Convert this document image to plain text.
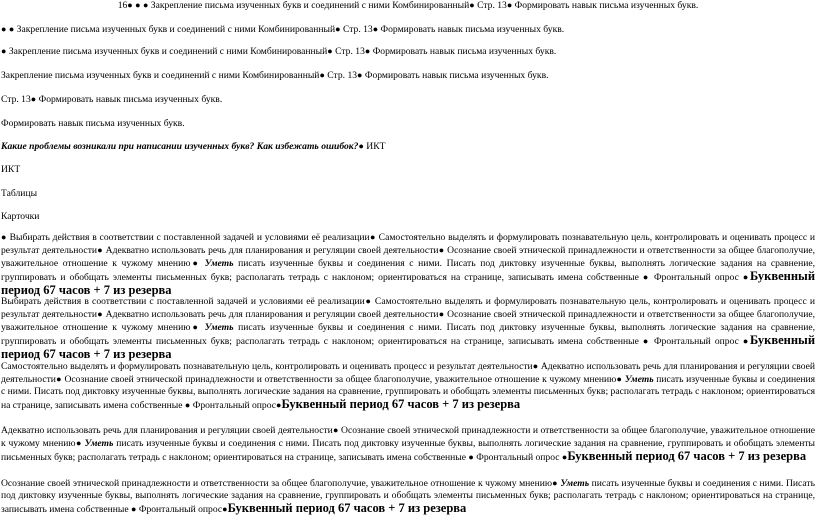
16● ● ● Закрепление письма изученных букв и соединений с ними Комбинированный● Стр. 13● Формировать навык письма изученных букв.
● ● Закрепление письма изученных букв и соединений с ними Комбинированный● Стр. 13● Формировать навык письма изученных букв.
● Закрепление письма изученных букв и соединений с ними Комбинированный● Стр. 13● Формировать навык письма изученных букв.
Закрепление письма изученных букв и соединений с ними Комбинированный● Стр. 13● Формировать навык письма изученных букв.
Стр. 13● Формировать навык письма изученных букв.
Формировать навык письма изученных букв.
Какие проблемы возникали при написании изученных букв? Как избежать ошибок?● ИКТ
ИКТ
Таблицы
Карточки
● Выбирать действия в соответствии с поставленной задачей и условиями её реализации● Самостоятельно выделять и формулировать познавательную цель, контролировать и оценивать процесс и результат деятельности● Адекватно использовать речь для планирования и регуляции своей деятельности● Осознание своей этнической принадлежности и ответственности за общее благополучие, уважительное отношение к чужому мнению● Уметь писать изученные буквы и соединения с ними. Писать под диктовку изученные буквы, выполнять логические задания на сравнение, группировать и обобщать элементы письменных букв; располагать тетрадь с наклоном; ориентироваться на странице, записывать имена собственные ● Фронтальный опрос ●Буквенный период 67 часов + 7 из резерва
Выбирать действия в соответствии с поставленной задачей и условиями её реализации● Самостоятельно выделять и формулировать познавательную цель, контролировать и оценивать процесс и результат деятельности● Адекватно использовать речь для планирования и регуляции своей деятельности● Осознание своей этнической принадлежности и ответственности за общее благополучие, уважительное отношение к чужому мнению● Уметь писать изученные буквы и соединения с ними. Писать под диктовку изученные буквы, выполнять логические задания на сравнение, группировать и обобщать элементы письменных букв; располагать тетрадь с наклоном; ориентироваться на странице, записывать имена собственные ● Фронтальный опрос ●Буквенный период 67 часов + 7 из резерва
Самостоятельно выделять и формулировать познавательную цель, контролировать и оценивать процесс и результат деятельности● Адекватно использовать речь для планирования и регуляции своей деятельности● Осознание своей этнической принадлежности и ответственности за общее благополучие, уважительное отношение к чужому мнению● Уметь писать изученные буквы и соединения с ними. Писать под диктовку изученные буквы, выполнять логические задания на сравнение, группировать и обобщать элементы письменных букв; располагать тетрадь с наклоном; ориентироваться на странице, записывать имена собственные ● Фронтальный опрос●Буквенный период 67 часов + 7 из резерва
Адекватно использовать речь для планирования и регуляции своей деятельности● Осознание своей этнической принадлежности и ответственности за общее благополучие, уважительное отношение к чужому мнению● Уметь писать изученные буквы и соединения с ними. Писать под диктовку изученные буквы, выполнять логические задания на сравнение, группировать и обобщать элементы письменных букв; располагать тетрадь с наклоном; ориентироваться на странице, записывать имена собственные ● Фронтальный опрос ●Буквенный период 67 часов + 7 из резерва
Осознание своей этнической принадлежности и ответственности за общее благополучие, уважительное отношение к чужому мнению● Уметь писать изученные буквы и соединения с ними. Писать под диктовку изученные буквы, выполнять логические задания на сравнение, группировать и обобщать элементы письменных букв; располагать тетрадь с наклоном; ориентироваться на странице, записывать имена собственные ● Фронтальный опрос●Буквенный период 67 часов + 7 из резерва
